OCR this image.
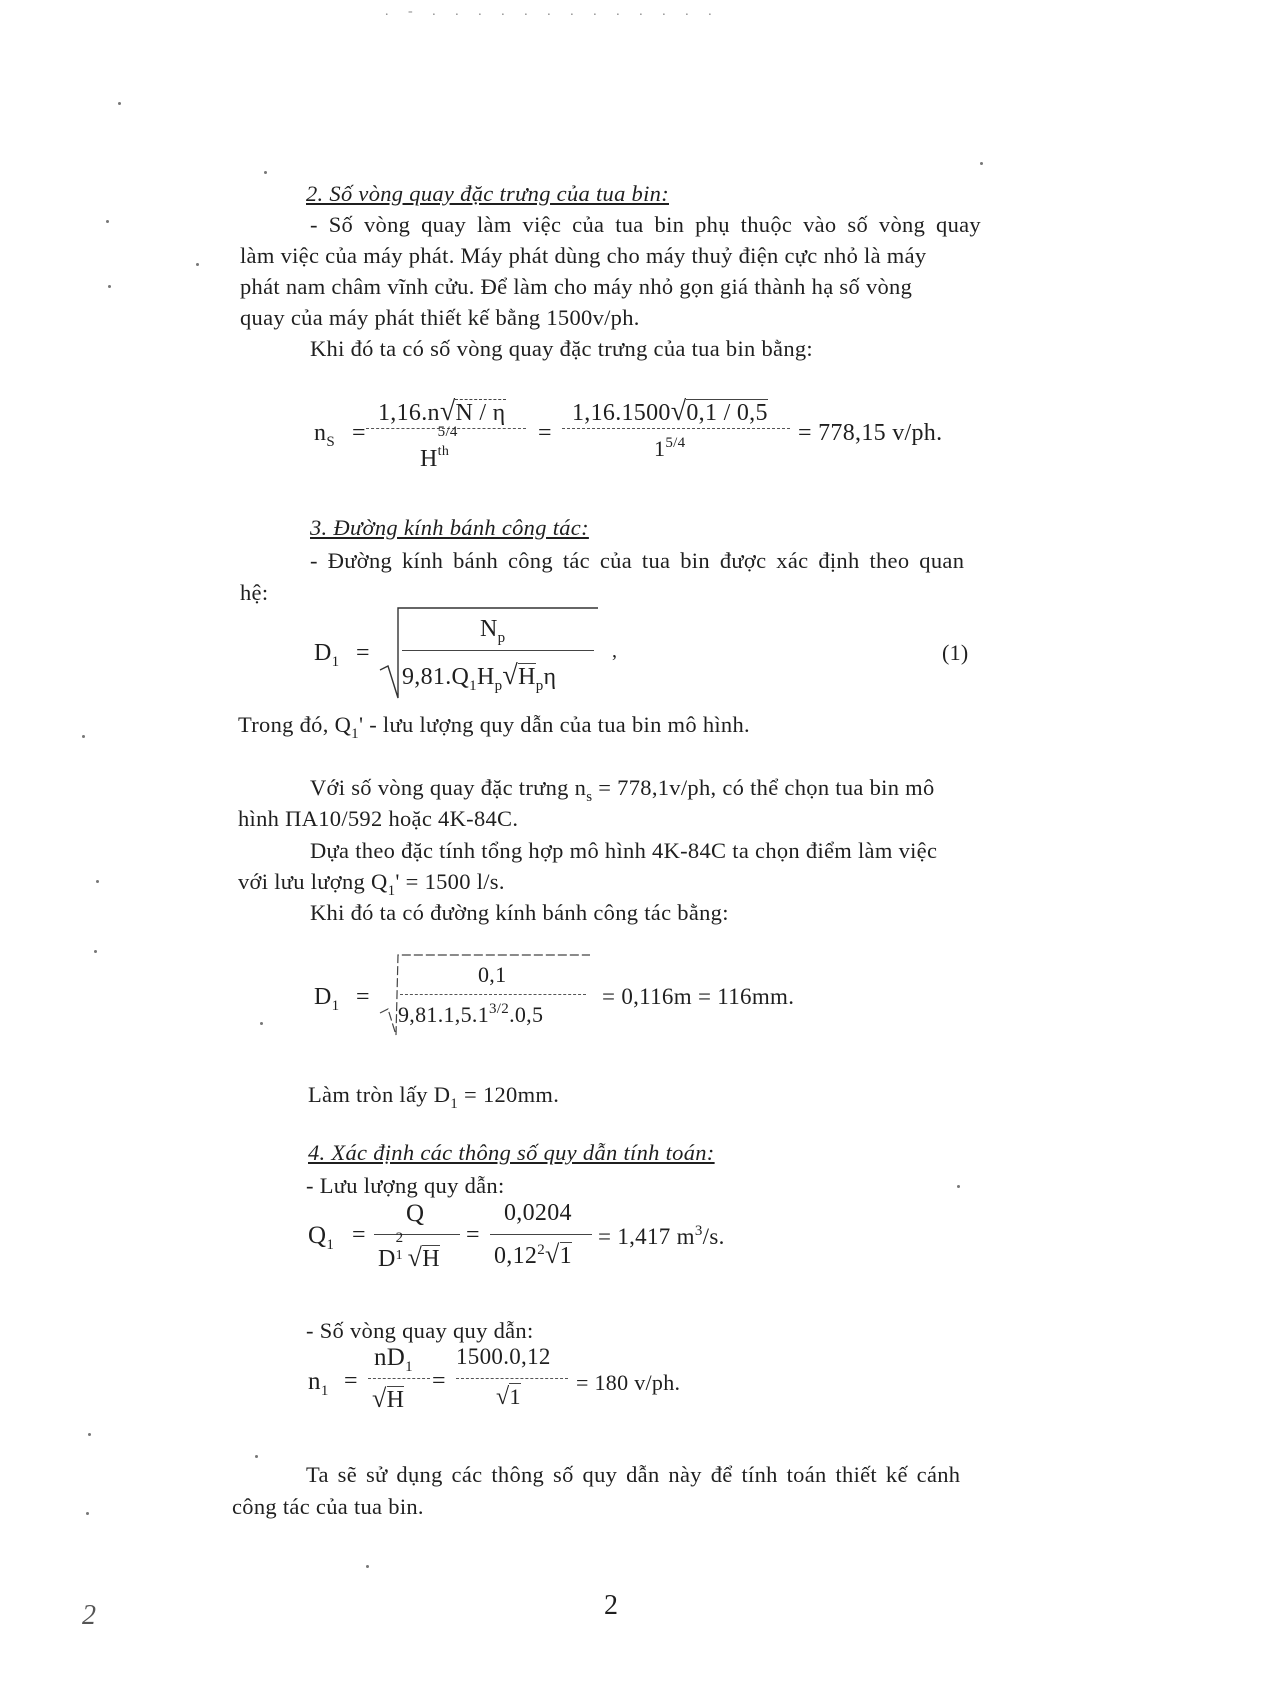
. - . . . . . . . . . . . . .
2. Số vòng quay đặc trưng của tua bin:
- Số vòng quay làm việc của tua bin phụ thuộc vào số vòng quay
làm việc của máy phát. Máy phát dùng cho máy thuỷ điện cực nhỏ là máy
phát nam châm vĩnh cửu. Để làm cho máy nhỏ gọn giá thành hạ số vòng
quay của máy phát thiết kế bằng 1500v/ph.
Khi đó ta có số vòng quay đặc trưng của tua bin bằng:
$n_S$ =
1,16.n√N / η
H
5/4
th
=
1,16.1500√0,1 / 0,5
$1^{5/4}$	= 778,15 v/ph.
3. Đường kính bánh công tác:
- Đường kính bánh công tác của tua bin được xác định theo quan
hệ:
$D_1$ =
$N_p$
$9,81.Q_1H_p√H_p\eta$
,	(1)
Trong đó, $Q_1'$ - lưu lượng quy dẫn của tua bin mô hình.
Với số vòng quay đặc trưng $n_s = 778,1v/ph$, có thể chọn tua bin mô
hình ПА10/592 hoặc 4K-84C.
Dựa theo đặc tính tổng hợp mô hình 4K-84C ta chọn điểm làm việc
với lưu lượng $Q_1' = 1500$ l/s.
Khi đó ta có đường kính bánh công tác bằng:
$D_1$ =
0,1
$9,81.1,5.1^{3/2}.0,5$
= 0,116m = 116mm.
Làm tròn lấy $D_1 = 120mm$.
4. Xác định các thông số quy dẫn tính toán:
- Lưu lượng quy dẫn:
$Q_1$ =
Q
D
2
1 √H
=
0,0204
$0,12^2√1$
= 1,417 $m^3/s$.
- Số vòng quay quy dẫn:
$n_1$ =
$nD_1$
√H
=
1500.0,12
√1
= 180 v/ph.
Ta sẽ sử dụng các thông số quy dẫn này để tính toán thiết kế cánh
công tác của tua bin.
2
2
